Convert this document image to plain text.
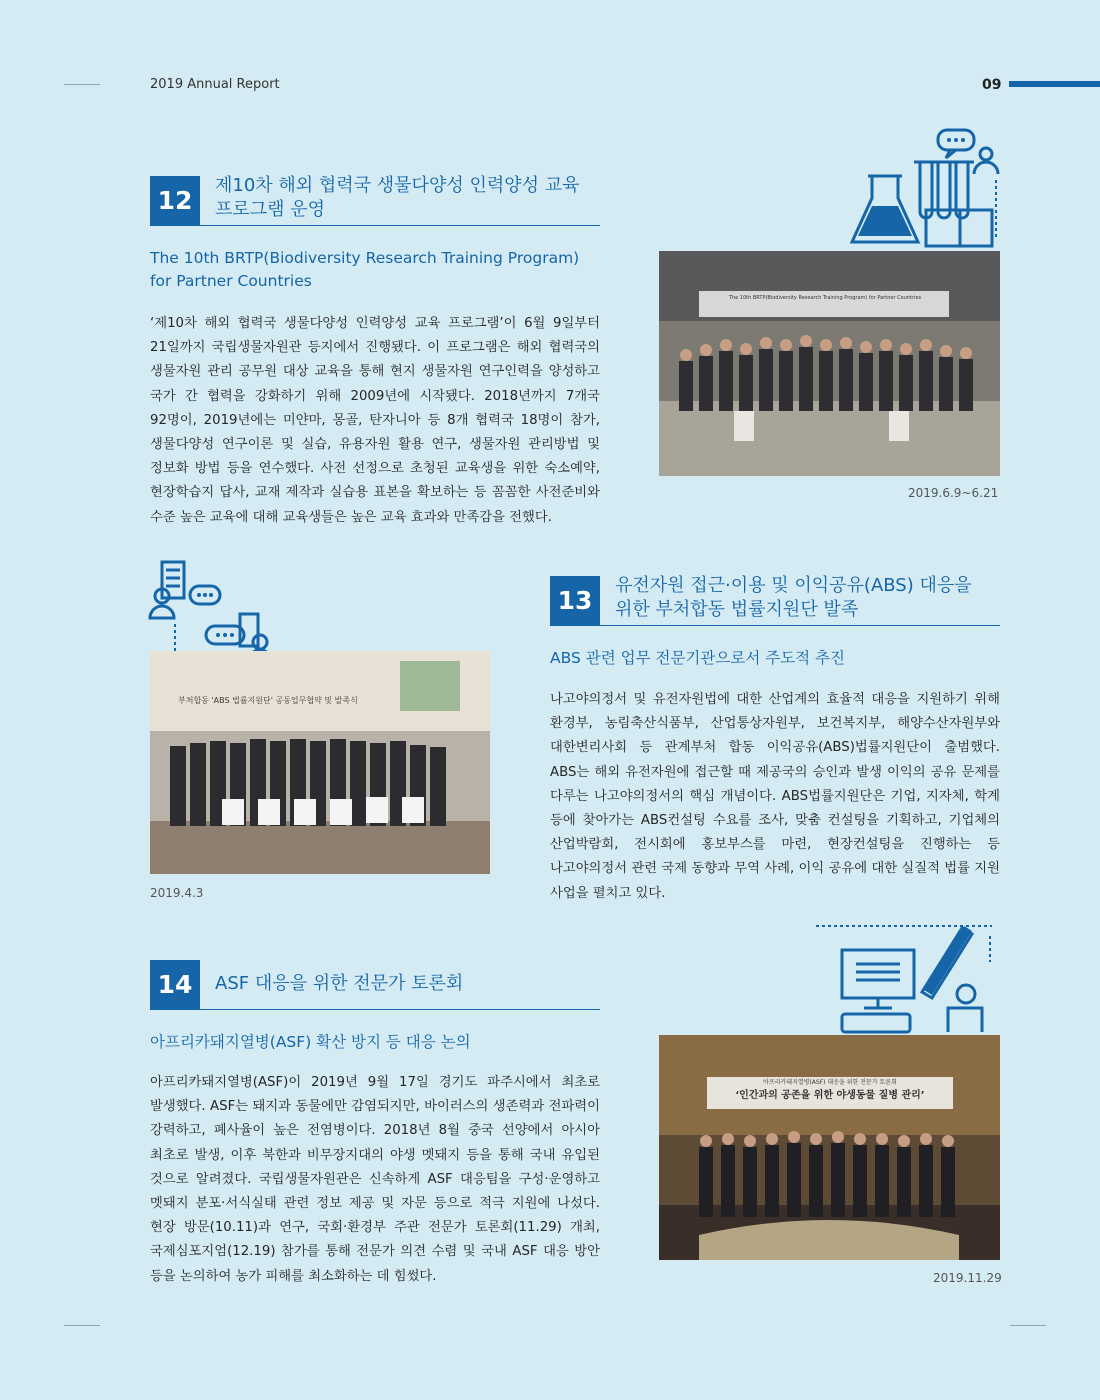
2019 Annual Report	09
12
제10차 해외 협력국 생물다양성 인력양성 교육
프로그램 운영
The 10th BRTP(Biodiversity Research Training Program) for Partner Countries
‘제10차 해외 협력국 생물다양성 인력양성 교육 프로그램’이 6월 9일부터 21일까지 국립생물자원관 등지에서 진행됐다. 이 프로그램은 해외 협력국의 생물자원 관리 공무원 대상 교육을 통해 현지 생물자원 연구인력을 양성하고 국가 간 협력을 강화하기 위해 2009년에 시작됐다. 2018년까지 7개국 92명이, 2019년에는 미얀마, 몽골, 탄자니아 등 8개 협력국 18명이 참가, 생물다양성 연구이론 및 실습, 유용자원 활용 연구, 생물자원 관리방법 및 정보화 방법 등을 연수했다. 사전 선정으로 초청된 교육생을 위한 숙소예약, 현장학습지 답사, 교재 제작과 실습용 표본을 확보하는 등 꼼꼼한 사전준비와 수준 높은 교육에 대해 교육생들은 높은 교육 효과와 만족감을 전했다.
The 10th BRTP(Biodiversity Research Training Program) for Partner Countries
2019.6.9~6.21
부처합동 'ABS 법률지원단' 공동업무협약 및 발족식
2019.4.3
13
유전자원 접근·이용 및 이익공유(ABS) 대응을
위한 부처합동 법률지원단 발족
ABS 관련 업무 전문기관으로서 주도적 추진
나고야의정서 및 유전자원법에 대한 산업계의 효율적 대응을 지원하기 위해 환경부, 농림축산식품부, 산업통상자원부, 보건복지부, 해양수산자원부와 대한변리사회 등 관계부처 합동 이익공유(ABS)법률지원단이 출범했다. ABS는 해외 유전자원에 접근할 때 제공국의 승인과 발생 이익의 공유 문제를 다루는 나고야의정서의 핵심 개념이다. ABS법률지원단은 기업, 지자체, 학계 등에 찾아가는 ABS컨설팅 수요를 조사, 맞춤 컨설팅을 기획하고, 기업체의 산업박람회, 전시회에 홍보부스를 마련, 현장컨설팅을 진행하는 등 나고야의정서 관련 국제 동향과 무역 사례, 이익 공유에 대한 실질적 법률 지원 사업을 펼치고 있다.
14	ASF 대응을 위한 전문가 토론회
아프리카돼지열병(ASF) 확산 방지 등 대응 논의
아프리카돼지열병(ASF)이 2019년 9월 17일 경기도 파주시에서 최초로 발생했다. ASF는 돼지과 동물에만 감염되지만, 바이러스의 생존력과 전파력이 강력하고, 폐사율이 높은 전염병이다. 2018년 8월 중국 선양에서 아시아 최초로 발생, 이후 북한과 비무장지대의 야생 멧돼지 등을 통해 국내 유입된 것으로 알려졌다. 국립생물자원관은 신속하게 ASF 대응팀을 구성·운영하고 멧돼지 분포·서식실태 관련 정보 제공 및 자문 등으로 적극 지원에 나섰다. 현장 방문(10.11)과 연구, 국회·환경부 주관 전문가 토론회(11.29) 개최, 국제심포지엄(12.19) 참가를 통해 전문가 의견 수렴 및 국내 ASF 대응 방안 등을 논의하여 농가 피해를 최소화하는 데 힘썼다.
아프리카돼지열병(ASF) 대응을 위한 전문가 토론회
‘인간과의 공존을 위한 야생동물 질병 관리’
2019.11.29
